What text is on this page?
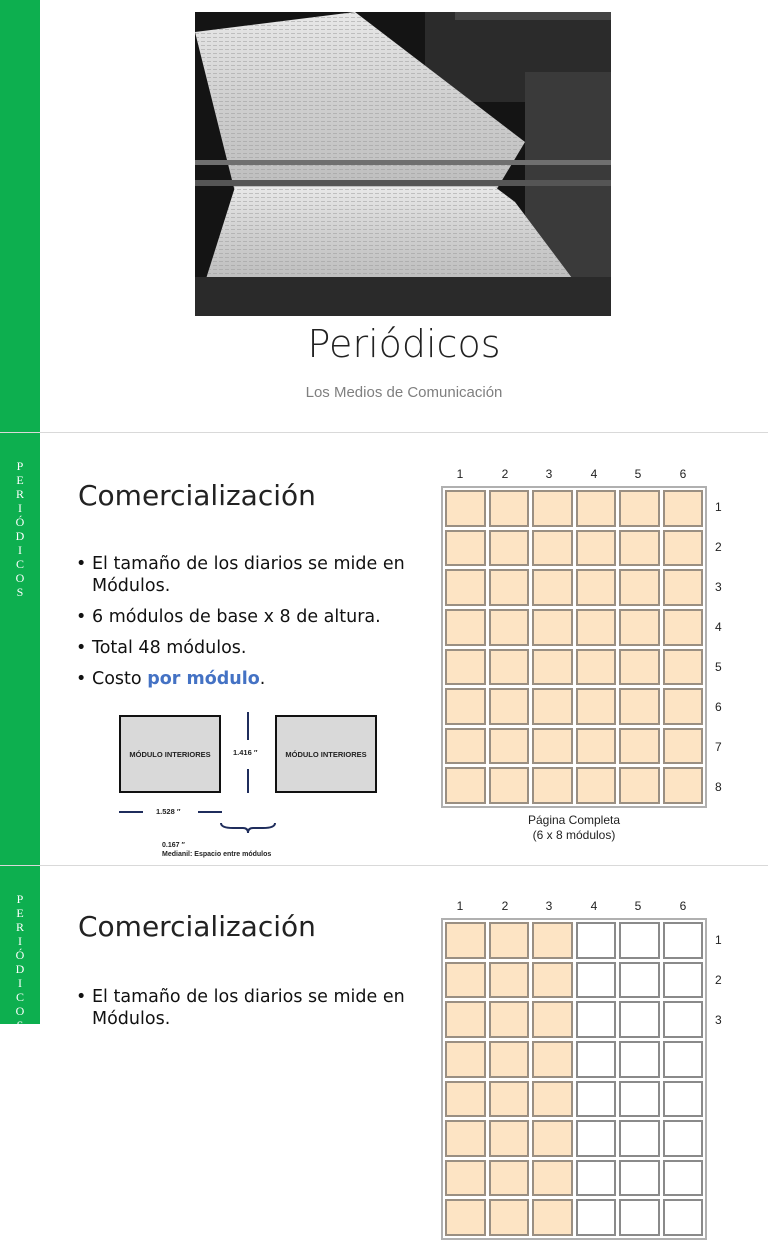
Periódicos
Los Medios de Comunicación
P
E
R
I
Ó
D
I
C
O
S
Comercialización
• El tamaño de los diarios se mide en Módulos.
• 6 módulos de base x 8 de altura.
• Total 48 módulos.
• Costo por módulo.
MÓDULO INTERIORES	1.416 ″	MÓDULO INTERIORES
1.528 ″
0.167 ″
Medianil: Espacio entre módulos
1	2	3	4	5	6
1
2
3
4
5
6
7
8
Página Completa
(6 x 8 módulos)
P
E
R
I
Ó
D
I
C
O
S
Comercialización
• El tamaño de los diarios se mide en
Módulos.
1	2	3	4	5	6
1
2
3
